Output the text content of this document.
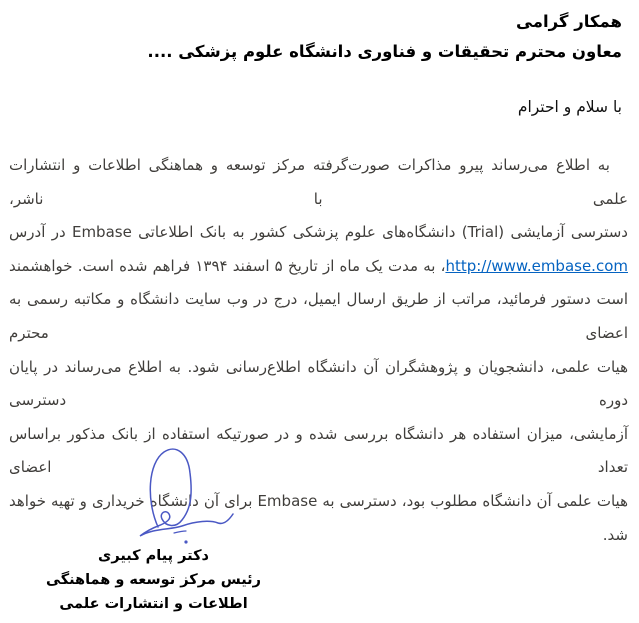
همکار گرامی
معاون محترم تحقیقات و فناوری دانشگاه علوم پزشکی ....
با سلام و احترام
به اطلاع می‌رساند پیرو مذاکرات صورت‌گرفته مرکز توسعه و هماهنگی اطلاعات و انتشارات علمی با ناشر،
دسترسی آزمایشی (Trial) دانشگاه‌های علوم پزشکی کشور به بانک اطلاعاتی Embase در آدرس
http://www.embase.com، به مدت یک ماه از تاریخ ۵ اسفند ۱۳۹۴ فراهم شده است. خواهشمند
است دستور فرمائید، مراتب از طریق ارسال ایمیل، درج در وب سایت دانشگاه و مکاتبه رسمی به اعضای محترم
هیات علمی، دانشجویان و پژوهشگران آن دانشگاه اطلاع‌رسانی شود. به اطلاع می‌رساند در پایان دوره دسترسی
آزمایشی، میزان استفاده هر دانشگاه بررسی شده و در صورتیکه استفاده از بانک مذکور براساس تعداد اعضای
هیات علمی آن دانشگاه مطلوب بود، دسترسی به Embase برای آن دانشگاه خریداری و تهیه خواهد شد.
دکتر پیام کبیری
رئیس مرکز توسعه و هماهنگی
اطلاعات و انتشارات علمی
